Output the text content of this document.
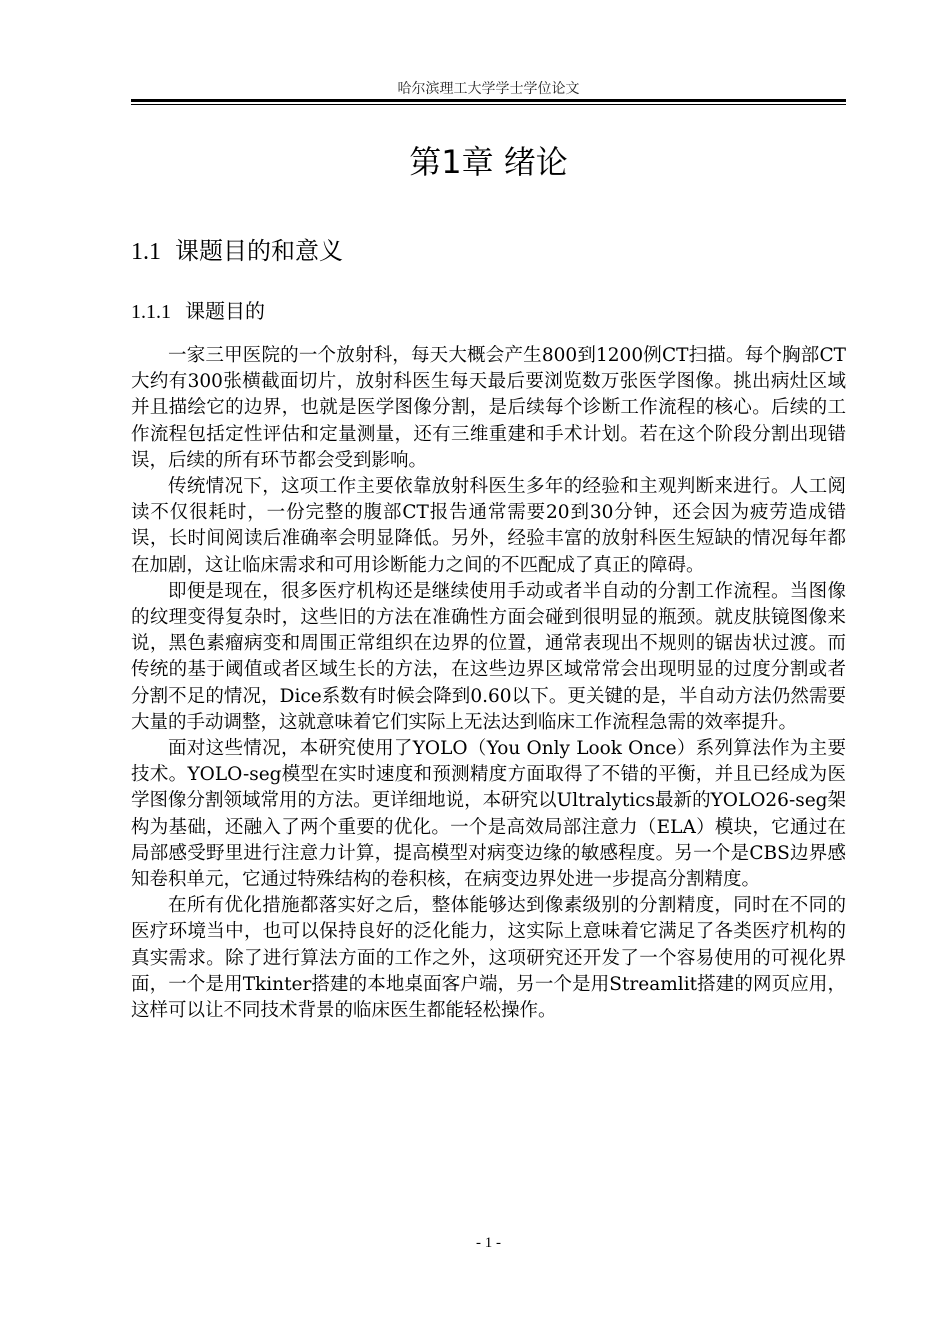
哈尔滨理工大学学士学位论文
第1章 绪论
1.1 课题目的和意义
1.1.1 课题目的

一家三甲医院的一个放射科，每天大概会产生800到1200例CT扫描。每个胸部CT大约有300张横截面切片，放射科医生每天最后要浏览数万张医学图像。挑出病灶区域并且描绘它的边界，也就是医学图像分割，是后续每个诊断工作流程的核心。后续的工作流程包括定性评估和定量测量，还有三维重建和手术计划。若在这个阶段分割出现错误，后续的所有环节都会受到影响。

传统情况下，这项工作主要依靠放射科医生多年的经验和主观判断来进行。人工阅读不仅很耗时，一份完整的腹部CT报告通常需要20到30分钟，还会因为疲劳造成错误，长时间阅读后准确率会明显降低。另外，经验丰富的放射科医生短缺的情况每年都在加剧，这让临床需求和可用诊断能力之间的不匹配成了真正的障碍。

即便是现在，很多医疗机构还是继续使用手动或者半自动的分割工作流程。当图像的纹理变得复杂时，这些旧的方法在准确性方面会碰到很明显的瓶颈。就皮肤镜图像来说，黑色素瘤病变和周围正常组织在边界的位置，通常表现出不规则的锯齿状过渡。而传统的基于阈值或者区域生长的方法，在这些边界区域常常会出现明显的过度分割或者分割不足的情况，Dice系数有时候会降到0.60以下。更关键的是，半自动方法仍然需要大量的手动调整，这就意味着它们实际上无法达到临床工作流程急需的效率提升。

面对这些情况，本研究使用了YOLO（You Only Look Once）系列算法作为主要技术。YOLO-seg模型在实时速度和预测精度方面取得了不错的平衡，并且已经成为医学图像分割领域常用的方法。更详细地说，本研究以Ultralytics最新的YOLO26-seg架构为基础，还融入了两个重要的优化。一个是高效局部注意力（ELA）模块，它通过在局部感受野里进行注意力计算，提高模型对病变边缘的敏感程度。另一个是CBS边界感知卷积单元，它通过特殊结构的卷积核，在病变边界处进一步提高分割精度。

在所有优化措施都落实好之后，整体能够达到像素级别的分割精度，同时在不同的医疗环境当中，也可以保持良好的泛化能力，这实际上意味着它满足了各类医疗机构的真实需求。除了进行算法方面的工作之外，这项研究还开发了一个容易使用的可视化界面，一个是用Tkinter搭建的本地桌面客户端，另一个是用Streamlit搭建的网页应用，这样可以让不同技术背景的临床医生都能轻松操作。

- 1 -
